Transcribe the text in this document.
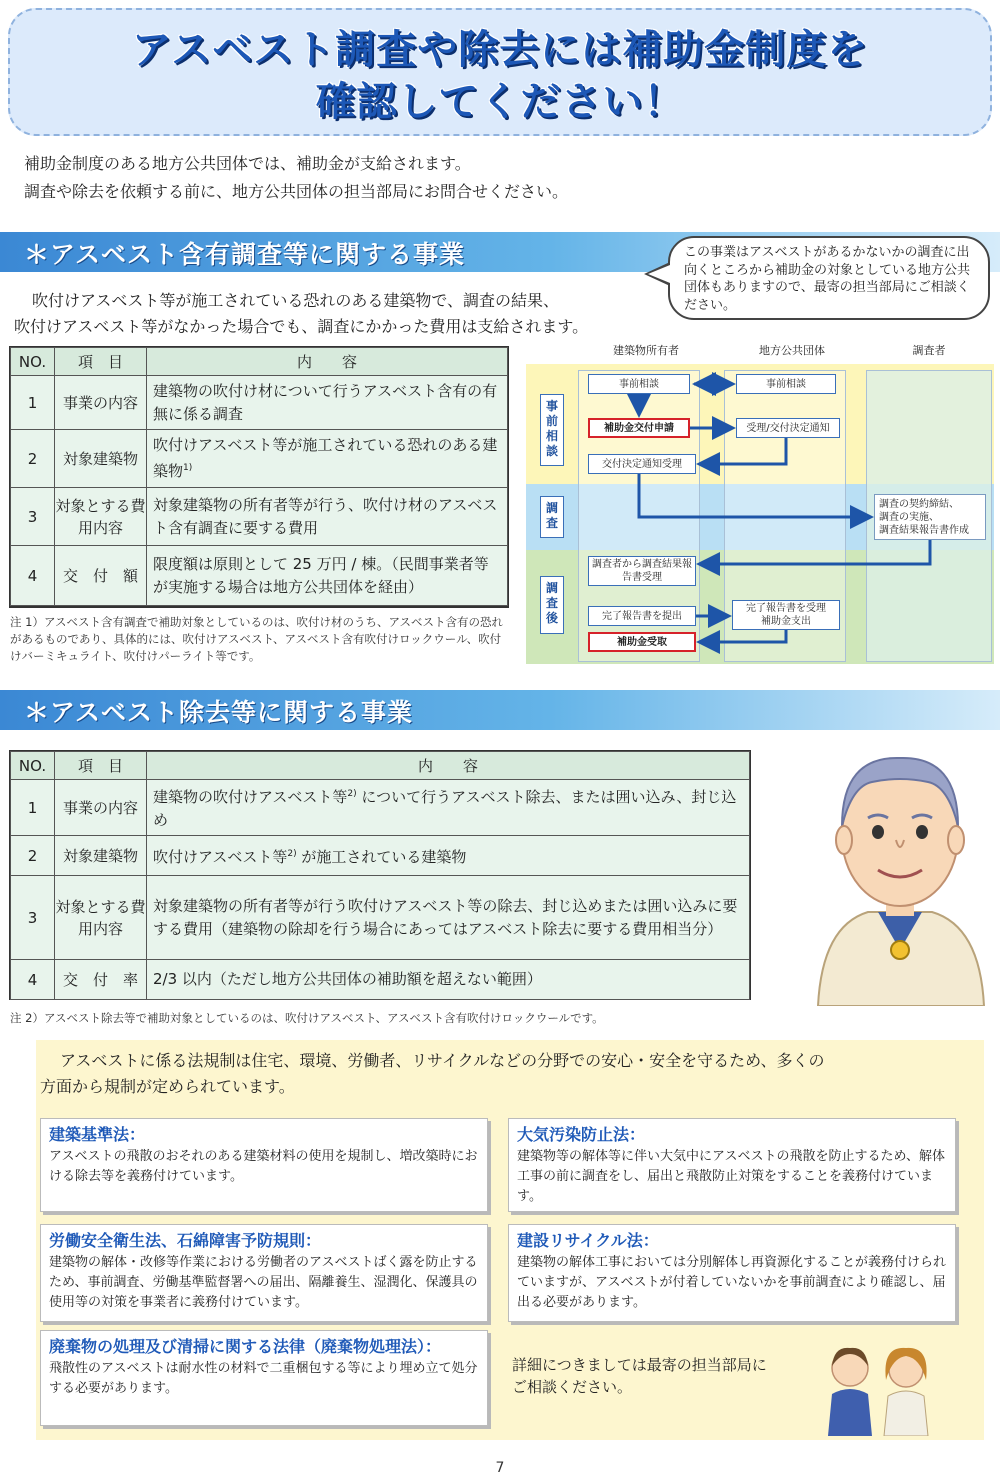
アスベスト調査や除去には補助金制度を
確認してください！
補助金制度のある地方公共団体では、補助金が支給されます。
調査や除去を依頼する前に、地方公共団体の担当部局にお問合せください。
＊アスベスト含有調査等に関する事業	この事業はアスベストがあるかないかの調査に出向くところから補助金の対象としている地方公共団体もありますので、最寄の担当部局にご相談ください。
吹付けアスベスト等が施工されている恐れのある建築物で、調査の結果、
吹付けアスベスト等がなかった場合でも、調査にかかった費用は支給されます。
NO.	項　目	内　　容
1	事業の内容	建築物の吹付け材について行うアスベスト含有の有無に係る調査
2	対象建築物	吹付けアスベスト等が施工されている恐れのある建築物$^{1)}$
3	対象とする費用内容	対象建築物の所有者等が行う、吹付け材のアスベスト含有調査に要する費用
4	交　付　額	限度額は原則として 25 万円 / 棟。（民間事業者等が実施する場合は地方公共団体を経由）
注 1）アスベスト含有調査で補助対象としているのは、吹付け材のうち、アスベスト含有の恐れがあるものであり、具体的には、吹付けアスベスト、アスベスト含有吹付けロックウール、吹付けバーミキュライト、吹付けパーライト等です。
建築物所有者	地方公共団体	調査者
事
前
相
談
調
査
調
査
後
事前相談
補助金交付申請
交付決定通知受理
調査者から調査結果報告書受理
完了報告書を提出
補助金受取
事前相談
受理/交付決定通知
完了報告書を受理
補助金支出
調査の契約締結、
調査の実施、
調査結果報告書作成
＊アスベスト除去等に関する事業
NO.	項　目	内　　容
1	事業の内容	建築物の吹付けアスベスト等$^{2)}$ について行うアスベスト除去、または囲い込み、封じ込め
2	対象建築物	吹付けアスベスト等$^{2)}$ が施工されている建築物
3	対象とする費用内容	対象建築物の所有者等が行う吹付けアスベスト等の除去、封じ込めまたは囲い込みに要する費用（建築物の除却を行う場合にあってはアスベスト除去に要する費用相当分）
4	交　付　率	2/3 以内（ただし地方公共団体の補助額を超えない範囲）
注 2）アスベスト除去等で補助対象としているのは、吹付けアスベスト、アスベスト含有吹付けロックウールです。
アスベストに係る法規制は住宅、環境、労働者、リサイクルなどの分野での安心・安全を守るため、多くの
方面から規制が定められています。
建築基準法：
アスベストの飛散のおそれのある建築材料の使用を規制し、増改築時における除去等を義務付けています。
大気汚染防止法：
建築物等の解体等に伴い大気中にアスベストの飛散を防止するため、解体工事の前に調査をし、届出と飛散防止対策をすることを義務付けています。
労働安全衛生法、石綿障害予防規則：
建築物の解体・改修等作業における労働者のアスベストばく露を防止するため、事前調査、労働基準監督署への届出、隔離養生、湿潤化、保護具の使用等の対策を事業者に義務付けています。
建設リサイクル法：
建築物の解体工事においては分別解体し再資源化することが義務付けられていますが、アスベストが付着していないかを事前調査により確認し、届出る必要があります。
廃棄物の処理及び清掃に関する法律（廃棄物処理法）：
飛散性のアスベストは耐水性の材料で二重梱包する等により埋め立て処分する必要があります。
詳細につきましては最寄の担当部局に
ご相談ください。
7
